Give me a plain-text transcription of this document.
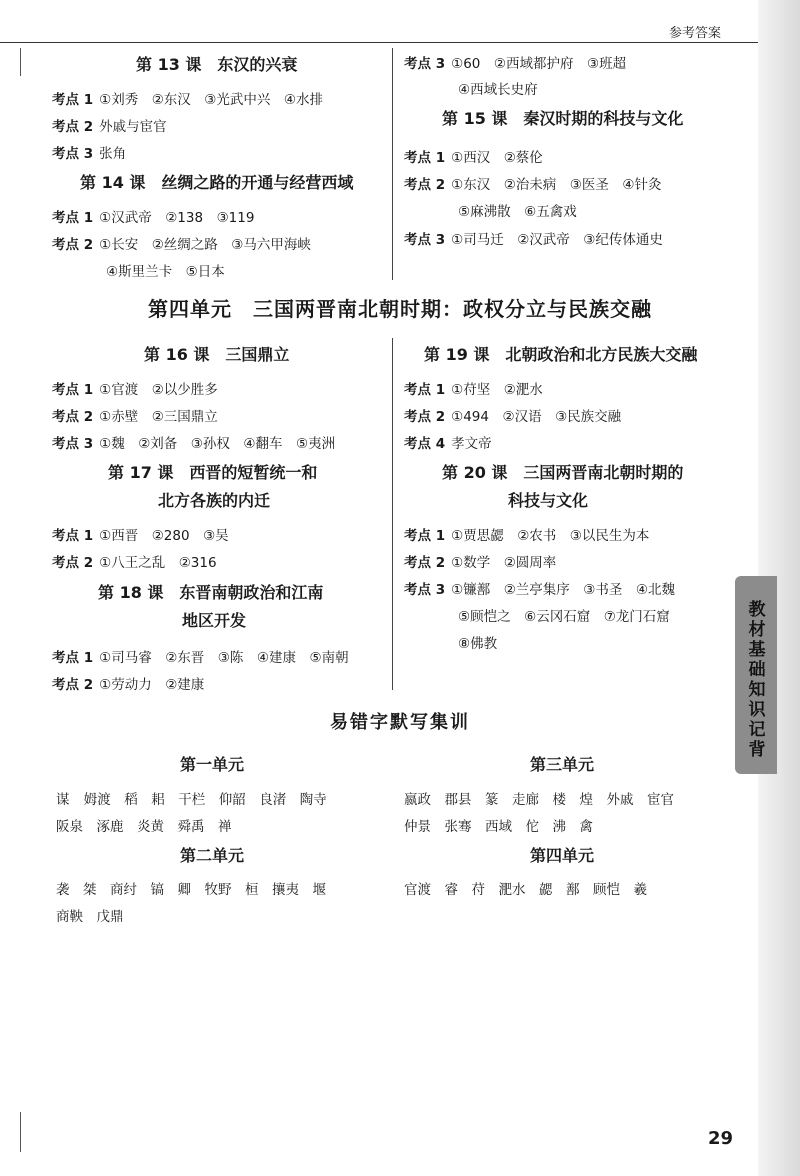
参考答案
第 13 课　东汉的兴衰
考点 1 ①刘秀　②东汉　③光武中兴　④水排
考点 2 外戚与宦官
考点 3 张角
第 14 课　丝绸之路的开通与经营西域
考点 1 ①汉武帝　②138　③119
考点 2 ①长安　②丝绸之路　③马六甲海峡
④斯里兰卡　⑤日本
考点 3 ①60　②西域都护府　③班超
④西域长史府
第 15 课　秦汉时期的科技与文化
考点 1 ①西汉　②蔡伦
考点 2 ①东汉　②治未病　③医圣　④针灸
⑤麻沸散　⑥五禽戏
考点 3 ①司马迁　②汉武帝　③纪传体通史
第四单元　三国两晋南北朝时期：政权分立与民族交融
第 16 课　三国鼎立
考点 1 ①官渡　②以少胜多
考点 2 ①赤壁　②三国鼎立
考点 3 ①魏　②刘备　③孙权　④翻车　⑤夷洲
第 17 课　西晋的短暂统一和
北方各族的内迁
考点 1 ①西晋　②280　③吴
考点 2 ①八王之乱　②316
第 18 课　东晋南朝政治和江南
地区开发
考点 1 ①司马睿　②东晋　③陈　④建康　⑤南朝
考点 2 ①劳动力　②建康
第 19 课　北朝政治和北方民族大交融
考点 1 ①苻坚　②淝水
考点 2 ①494　②汉语　③民族交融
考点 4 孝文帝
第 20 课　三国两晋南北朝时期的
科技与文化
考点 1 ①贾思勰　②农书　③以民生为本
考点 2 ①数学　②圆周率
考点 3 ①镰鄯　②兰亭集序　③书圣　④北魏
⑤顾恺之　⑥云冈石窟　⑦龙门石窟
⑧佛教
易错字默写集训
第一单元
谋 姆渡　稻　耜　干栏　仰韶　良渚　陶寺
阪泉　涿鹿　炎黄　舜禹　禅
第二单元
袭　桀　商纣　镐　卿　牧野　桓　攘夷　堰
商鞅　戊鼎
第三单元
嬴政　郡县　篆　走廊　楼　煌　外戚　宦官
仲景　张骞　西域　佗　沸　禽
第四单元
官渡　睿　苻　淝水　勰　鄯　顾恺　羲
教材基础知识记背
29
